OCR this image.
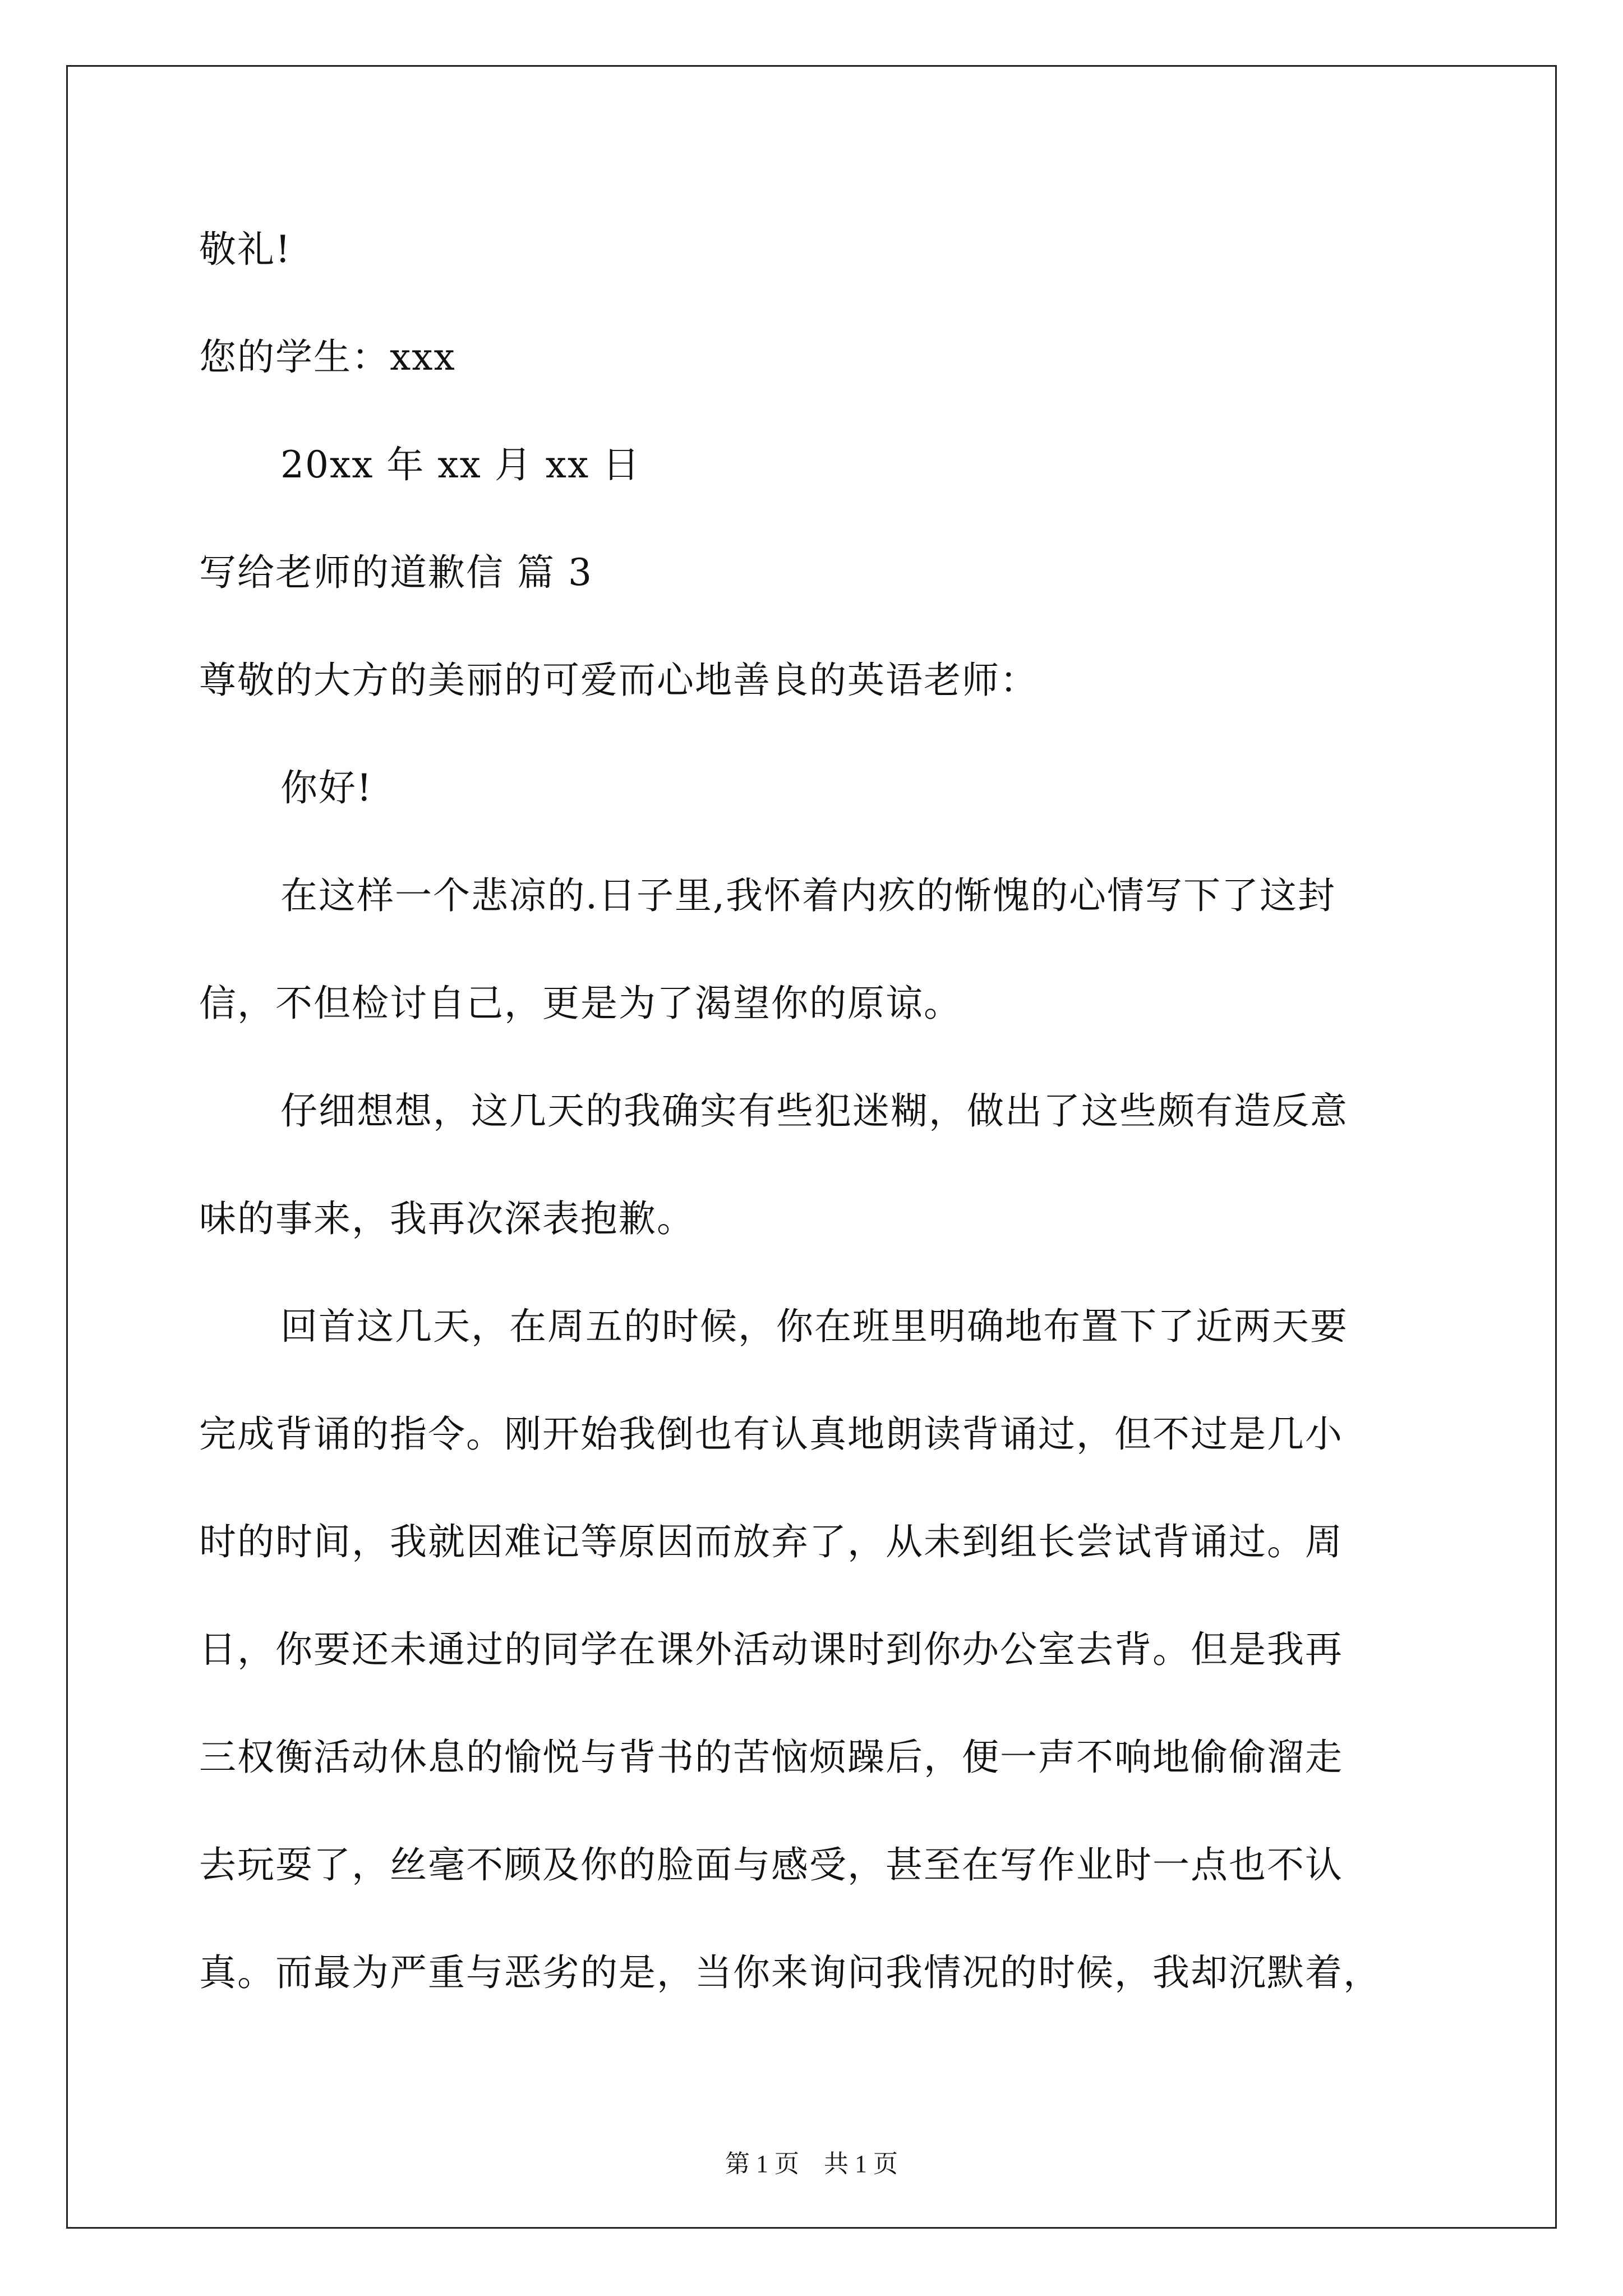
敬礼!
您的学生：xxx
20xx 年 xx 月 xx 日
写给老师的道歉信 篇 3
尊敬的大方的美丽的可爱而心地善良的英语老师：
你好!
在这样一个悲凉的.日子里,我怀着内疚的惭愧的心情写下了这封
信，不但检讨自己，更是为了渴望你的原谅。
仔细想想，这几天的我确实有些犯迷糊，做出了这些颇有造反意
味的事来，我再次深表抱歉。
回首这几天，在周五的时候，你在班里明确地布置下了近两天要
完成背诵的指令。刚开始我倒也有认真地朗读背诵过，但不过是几小
时的时间，我就因难记等原因而放弃了，从未到组长尝试背诵过。周
日，你要还未通过的同学在课外活动课时到你办公室去背。但是我再
三权衡活动休息的愉悦与背书的苦恼烦躁后，便一声不响地偷偷溜走
去玩耍了，丝毫不顾及你的脸面与感受，甚至在写作业时一点也不认
真。而最为严重与恶劣的是，当你来询问我情况的时候，我却沉默着，
第 1 页　共 1 页
